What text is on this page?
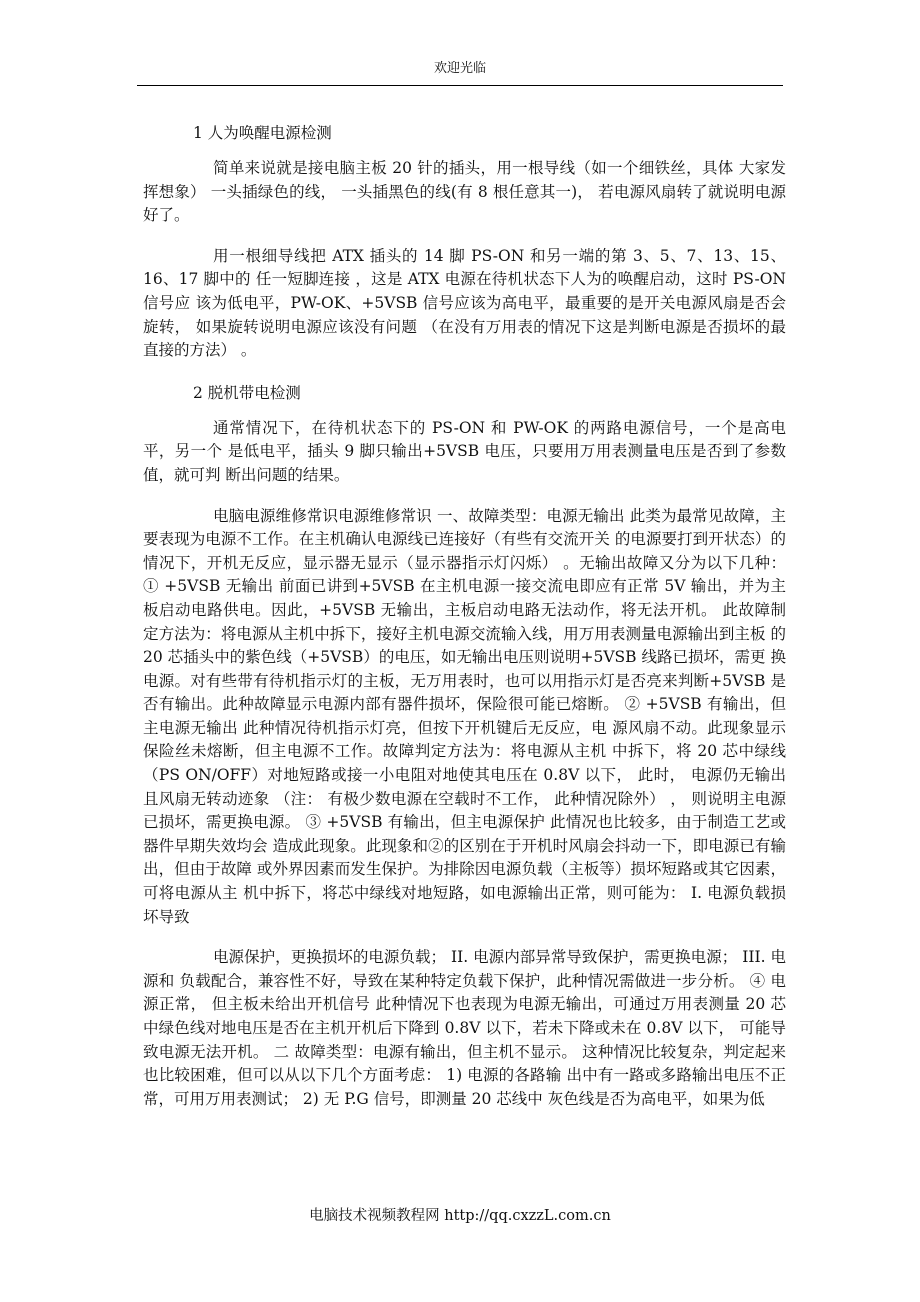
欢迎光临

1 人为唤醒电源检测

简单来说就是接电脑主板 20 针的插头，用一根导线（如一个细铁丝，具体 大家发挥想象） 一头插绿色的线， 一头插黑色的线(有 8 根任意其一)， 若电源风扇转了就说明电源好了。

用一根细导线把 ATX 插头的 14 脚 PS-ON 和另一端的第 3、5、7、13、15、16、17 脚中的 任一短脚连接 ，这是 ATX 电源在待机状态下人为的唤醒启动，这时 PS-ON 信号应 该为低电平，PW-OK、+5VSB 信号应该为高电平，最重要的是开关电源风扇是否会旋转， 如果旋转说明电源应该没有问题 （在没有万用表的情况下这是判断电源是否损坏的最直接的方法） 。

2 脱机带电检测

通常情况下，在待机状态下的 PS-ON 和 PW-OK 的两路电源信号，一个是高电平，另一个 是低电平，插头 9 脚只输出+5VSB 电压，只要用万用表测量电压是否到了参数值，就可判 断出问题的结果。

电脑电源维修常识电源维修常识 一、故障类型：电源无输出 此类为最常见故障，主要表现为电源不工作。在主机确认电源线已连接好（有些有交流开关 的电源要打到开状态）的情况下，开机无反应，显示器无显示（显示器指示灯闪烁） 。无输出故障又分为以下几种： ① +5VSB 无输出 前面已讲到+5VSB 在主机电源一接交流电即应有正常 5V 输出，并为主 板启动电路供电。因此，+5VSB 无输出，主板启动电路无法动作，将无法开机。 此故障制 定方法为：将电源从主机中拆下，接好主机电源交流输入线，用万用表测量电源输出到主板 的 20 芯插头中的紫色线（+5VSB）的电压，如无输出电压则说明+5VSB 线路已损坏，需更 换电源。对有些带有待机指示灯的主板，无万用表时，也可以用指示灯是否亮来判断+5VSB 是否有输出。此种故障显示电源内部有器件损坏，保险很可能已熔断。 ② +5VSB 有输出，但主电源无输出 此种情况待机指示灯亮，但按下开机键后无反应，电 源风扇不动。此现象显示保险丝未熔断，但主电源不工作。故障判定方法为：将电源从主机 中拆下，将 20 芯中绿线（PS ON/OFF）对地短路或接一小电阻对地使其电压在 0.8V 以下， 此时， 电源仍无输出且风扇无转动迹象 （注： 有极少数电源在空载时不工作， 此种情况除外） ， 则说明主电源已损坏，需更换电源。 ③ +5VSB 有输出，但主电源保护 此情况也比较多，由于制造工艺或器件早期失效均会 造成此现象。此现象和②的区别在于开机时风扇会抖动一下，即电源已有输出，但由于故障 或外界因素而发生保护。为排除因电源负载（主板等）损坏短路或其它因素，可将电源从主 机中拆下，将芯中绿线对地短路，如电源输出正常，则可能为： I. 电源负载损坏导致

电源保护，更换损坏的电源负载； II. 电源内部异常导致保护，需更换电源； III. 电源和 负载配合，兼容性不好，导致在某种特定负载下保护，此种情况需做进一步分析。 ④ 电源正常， 但主板未给出开机信号 此种情况下也表现为电源无输出，可通过万用表测量 20 芯中绿色线对地电压是否在主机开机后下降到 0.8V 以下，若未下降或未在 0.8V 以下， 可能导致电源无法开机。 二 故障类型：电源有输出，但主机不显示。 这种情况比较复杂，判定起来也比较困难，但可以从以下几个方面考虑： 1) 电源的各路输 出中有一路或多路输出电压不正常，可用万用表测试； 2) 无 P.G 信号，即测量 20 芯线中 灰色线是否为高电平，如果为低

电脑技术视频教程网 http://qq.cxzzL.com.cn
